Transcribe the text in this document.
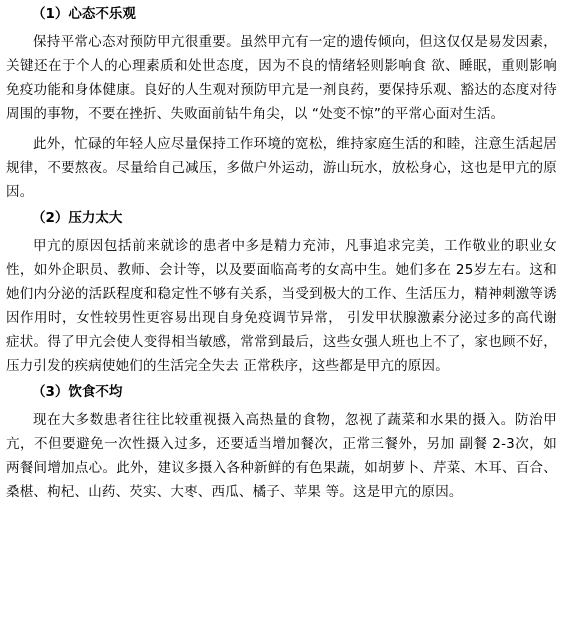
（1）心态不乐观

保持平常心态对预防甲亢很重要。虽然甲亢有一定的遗传倾向，但这仅仅是易发因素，关键还在于个人的心理素质和处世态度，因为不良的情绪轻则影响食 欲、睡眠，重则影响免疫功能和身体健康。良好的人生观对预防甲亢是一剂良药，要保持乐观、豁达的态度对待周围的事物，不要在挫折、失败面前钻牛角尖，以 “处变不惊”的平常心面对生活。

此外，忙碌的年轻人应尽量保持工作环境的宽松，维持家庭生活的和睦，注意生活起居规律，不要熬夜。尽量给自己减压，多做户外运动，游山玩水，放松身心，这也是甲亢的原因。

（2）压力太大

甲亢的原因包括前来就诊的患者中多是精力充沛，凡事追求完美，工作敬业的职业女性，如外企职员、教师、会计等，以及要面临高考的女高中生。她们多在 25岁左右。这和她们内分泌的活跃程度和稳定性不够有关系，当受到极大的工作、生活压力，精神刺激等诱因作用时，女性较男性更容易出现自身免疫调节异常， 引发甲状腺激素分泌过多的高代谢症状。得了甲亢会使人变得相当敏感，常常到最后，这些女强人班也上不了，家也顾不好，压力引发的疾病使她们的生活完全失去 正常秩序，这些都是甲亢的原因。

（3）饮食不均

现在大多数患者往往比较重视摄入高热量的食物，忽视了蔬菜和水果的摄入。防治甲亢，不但要避免一次性摄入过多，还要适当增加餐次，正常三餐外，另加 副餐 2-3次，如两餐间增加点心。此外，建议多摄入各种新鲜的有色果蔬，如胡萝卜、芹菜、木耳、百合、桑椹、枸杞、山药、芡实、大枣、西瓜、橘子、苹果 等。这是甲亢的原因。
